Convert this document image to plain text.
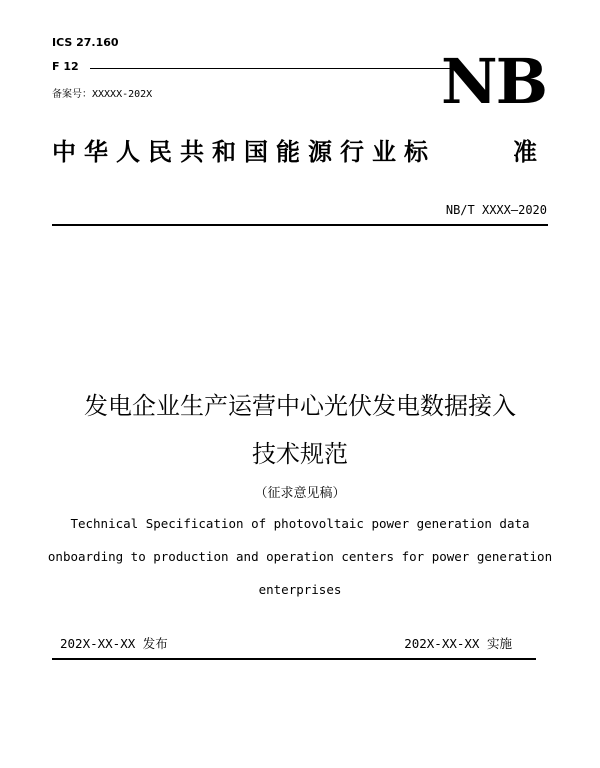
ICS 27.160
F 12
备案号：XXXXX-202X	NB
中华人民共和国能源行业标	准
NB/T XXXX—2020
发电企业生产运营中心光伏发电数据接入
技术规范
（征求意见稿）
Technical Specification of photovoltaic power generation data
onboarding to production and operation centers for power generation
enterprises
202X-XX-XX 发布	202X-XX-XX 实施
